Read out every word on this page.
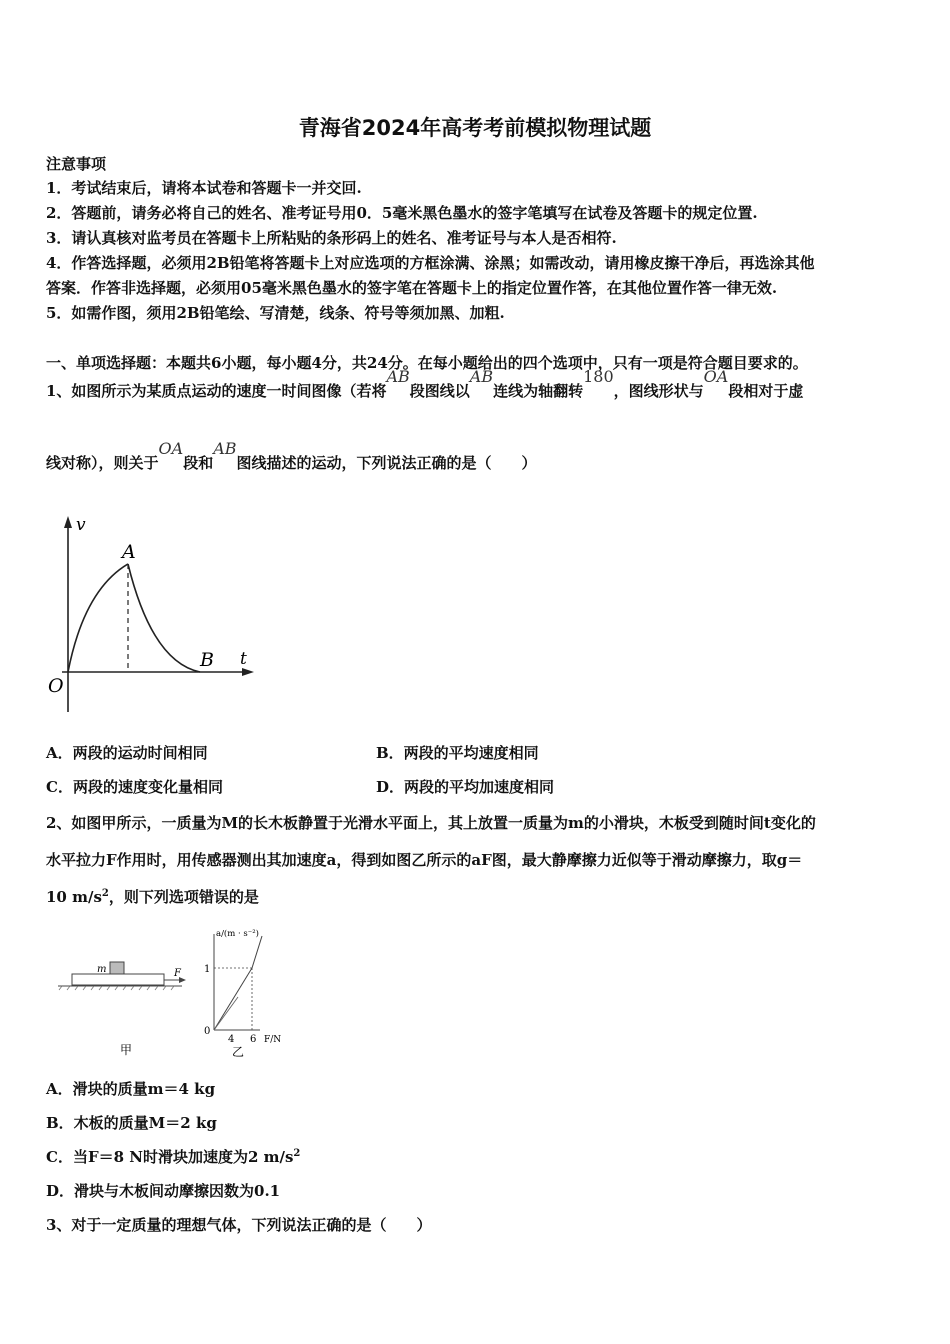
青海省2024年高考考前模拟物理试题
注意事项
1．考试结束后，请将本试卷和答题卡一并交回.
2．答题前，请务必将自己的姓名、准考证号用0．5毫米黑色墨水的签字笔填写在试卷及答题卡的规定位置.
3．请认真核对监考员在答题卡上所粘贴的条形码上的姓名、准考证号与本人是否相符.
4．作答选择题，必须用2B铅笔将答题卡上对应选项的方框涂满、涂黑；如需改动，请用橡皮擦干净后，再选涂其他
答案．作答非选择题，必须用05毫米黑色墨水的签字笔在答题卡上的指定位置作答，在其他位置作答一律无效.
5．如需作图，须用2B铅笔绘、写清楚，线条、符号等须加黑、加粗.
一、单项选择题：本题共6小题，每小题4分，共24分。在每小题给出的四个选项中，只有一项是符合题目要求的。
1、如图所示为某质点运动的速度一时间图像（若将AB段图线以AB连线为轴翻转180，图线形状与OA段相对于虚
线对称），则关于OA段和AB图线描述的运动，下列说法正确的是（　　）
v
t
O
A
B
A．两段的运动时间相同	B．两段的平均速度相同
C．两段的速度变化量相同	D．两段的平均加速度相同
2、如图甲所示，一质量为M的长木板静置于光滑水平面上，其上放置一质量为m的小滑块，木板受到随时间t变化的
水平拉力F作用时，用传感器测出其加速度a，得到如图乙所示的aF图，最大静摩擦力近似等于滑动摩擦力，取g＝
10 $m/s^2$，则下列选项错误的是
m	F
甲
a/(m · s⁻²)
1
0
4 6 F/N
乙
A．滑块的质量m＝4 kg
B．木板的质量M＝2 kg
C．当F＝8 N时滑块加速度为2 $m/s^2$
D．滑块与木板间动摩擦因数为0.1
3、对于一定质量的理想气体，下列说法正确的是（　　）
